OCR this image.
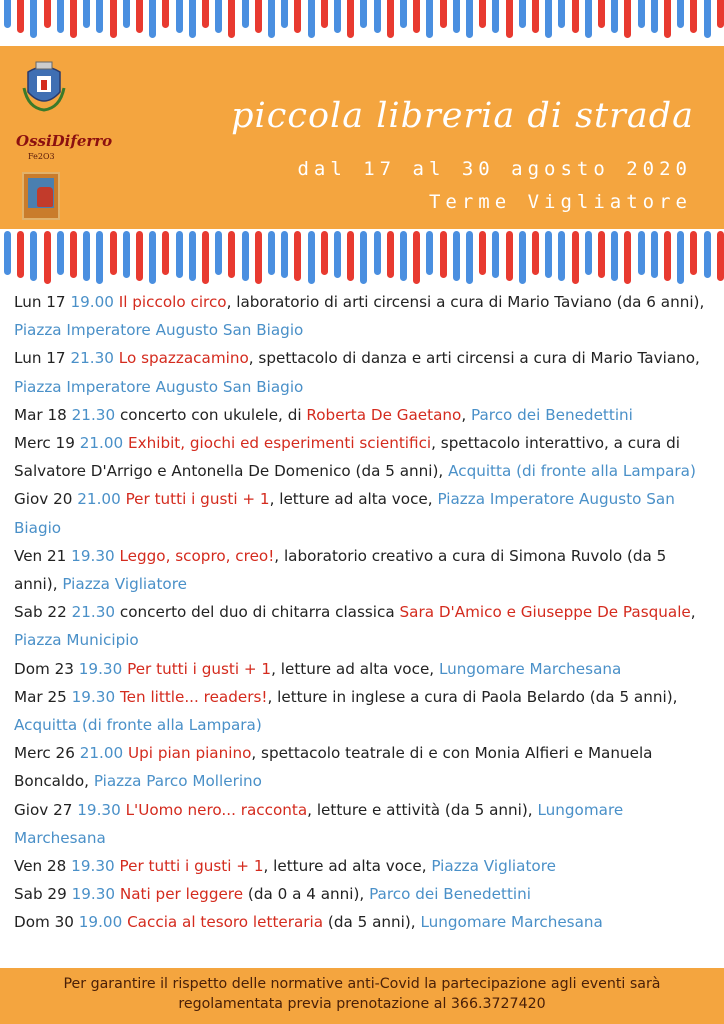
OssiDiferro
Fe2O3
piccola libreria di strada
dal 17 al 30 agosto 2020
Terme Vigliatore

Lun 17 19.00 Il piccolo circo, laboratorio di arti circensi a cura di Mario Taviano (da 6 anni), Piazza Imperatore Augusto San Biagio

Lun 17 21.30 Lo spazzacamino, spettacolo di danza e arti circensi a cura di Mario Taviano, Piazza Imperatore Augusto San Biagio

Mar 18 21.30 concerto con ukulele, di Roberta De Gaetano, Parco dei Benedettini

Merc 19 21.00 Exhibit, giochi ed esperimenti scientifici, spettacolo interattivo, a cura di Salvatore D'Arrigo e Antonella De Domenico (da 5 anni), Acquitta (di fronte alla Lampara)

Giov 20 21.00 Per tutti i gusti + 1, letture ad alta voce, Piazza Imperatore Augusto San Biagio

Ven 21 19.30 Leggo, scopro, creo!, laboratorio creativo a cura di Simona Ruvolo (da 5 anni), Piazza Vigliatore

Sab 22 21.30 concerto del duo di chitarra classica Sara D'Amico e Giuseppe De Pasquale, Piazza Municipio

Dom 23 19.30 Per tutti i gusti + 1, letture ad alta voce, Lungomare Marchesana

Mar 25 19.30 Ten little... readers!, letture in inglese a cura di Paola Belardo (da 5 anni), Acquitta (di fronte alla Lampara)

Merc 26 21.00 Upi pian pianino, spettacolo teatrale di e con Monia Alfieri e Manuela Boncaldo, Piazza Parco Mollerino

Giov 27 19.30 L'Uomo nero... racconta, letture e attività (da 5 anni), Lungomare Marchesana

Ven 28 19.30 Per tutti i gusti + 1, letture ad alta voce, Piazza Vigliatore

Sab 29 19.30 Nati per leggere (da 0 a 4 anni), Parco dei Benedettini

Dom 30 19.00 Caccia al tesoro letteraria (da 5 anni), Lungomare Marchesana

Per garantire il rispetto delle normative anti-Covid la partecipazione agli eventi sarà regolamentata previa prenotazione al 366.3727420
